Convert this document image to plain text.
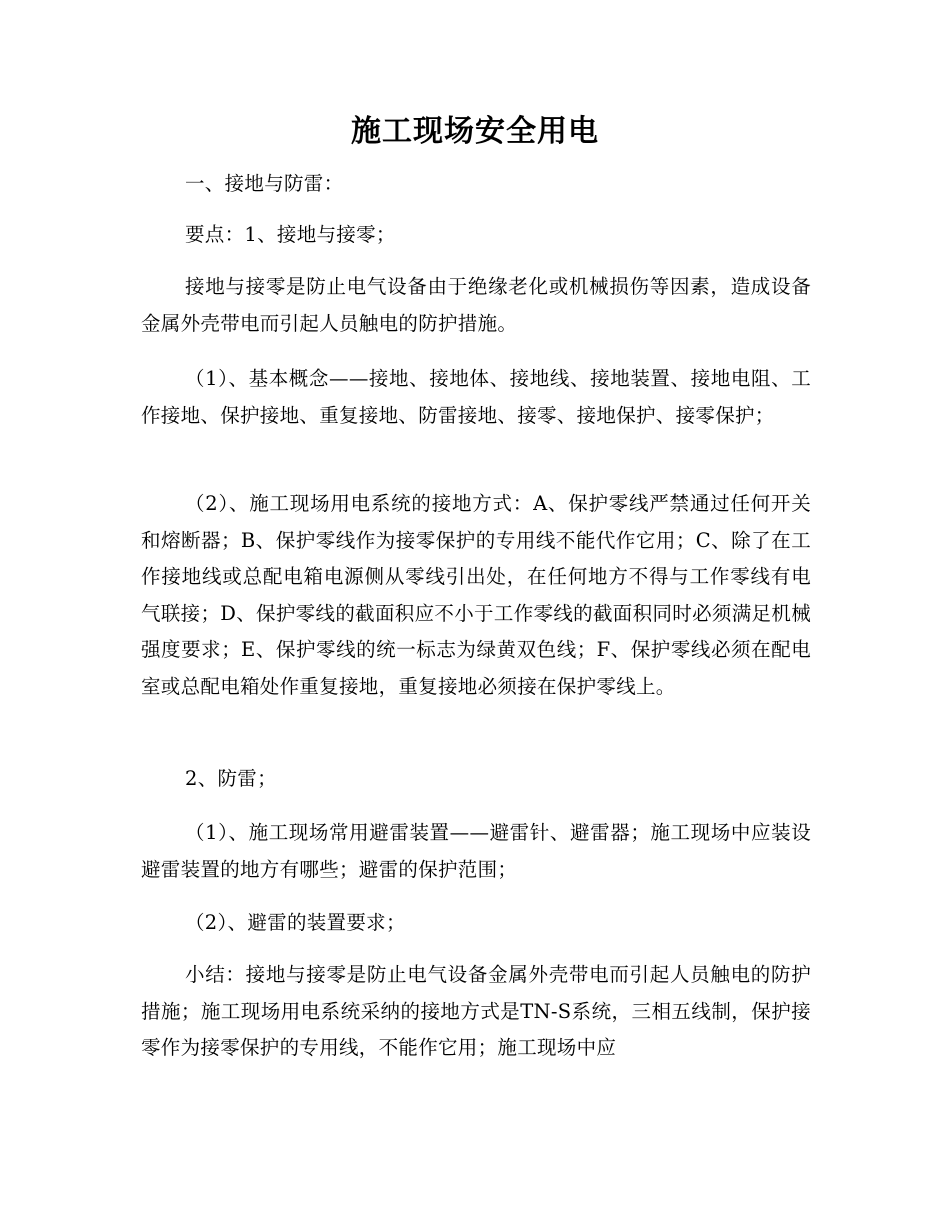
施工现场安全用电

一、接地与防雷：

要点：1、接地与接零；

接地与接零是防止电气设备由于绝缘老化或机械损伤等因素，造成设备金属外壳带电而引起人员触电的防护措施。

（1）、基本概念——接地、接地体、接地线、接地装置、接地电阻、工作接地、保护接地、重复接地、防雷接地、接零、接地保护、接零保护；

（2）、施工现场用电系统的接地方式：A、保护零线严禁通过任何开关和熔断器；B、保护零线作为接零保护的专用线不能代作它用；C、除了在工作接地线或总配电箱电源侧从零线引出处，在任何地方不得与工作零线有电气联接；D、保护零线的截面积应不小于工作零线的截面积同时必须满足机械强度要求；E、保护零线的统一标志为绿黄双色线；F、保护零线必须在配电室或总配电箱处作重复接地，重复接地必须接在保护零线上。

2、防雷；

（1）、施工现场常用避雷装置——避雷针、避雷器；施工现场中应装设避雷装置的地方有哪些；避雷的保护范围；

（2）、避雷的装置要求；

小结：接地与接零是防止电气设备金属外壳带电而引起人员触电的防护措施；施工现场用电系统采纳的接地方式是TN-S系统，三相五线制，保护接零作为接零保护的专用线，不能作它用；施工现场中应
